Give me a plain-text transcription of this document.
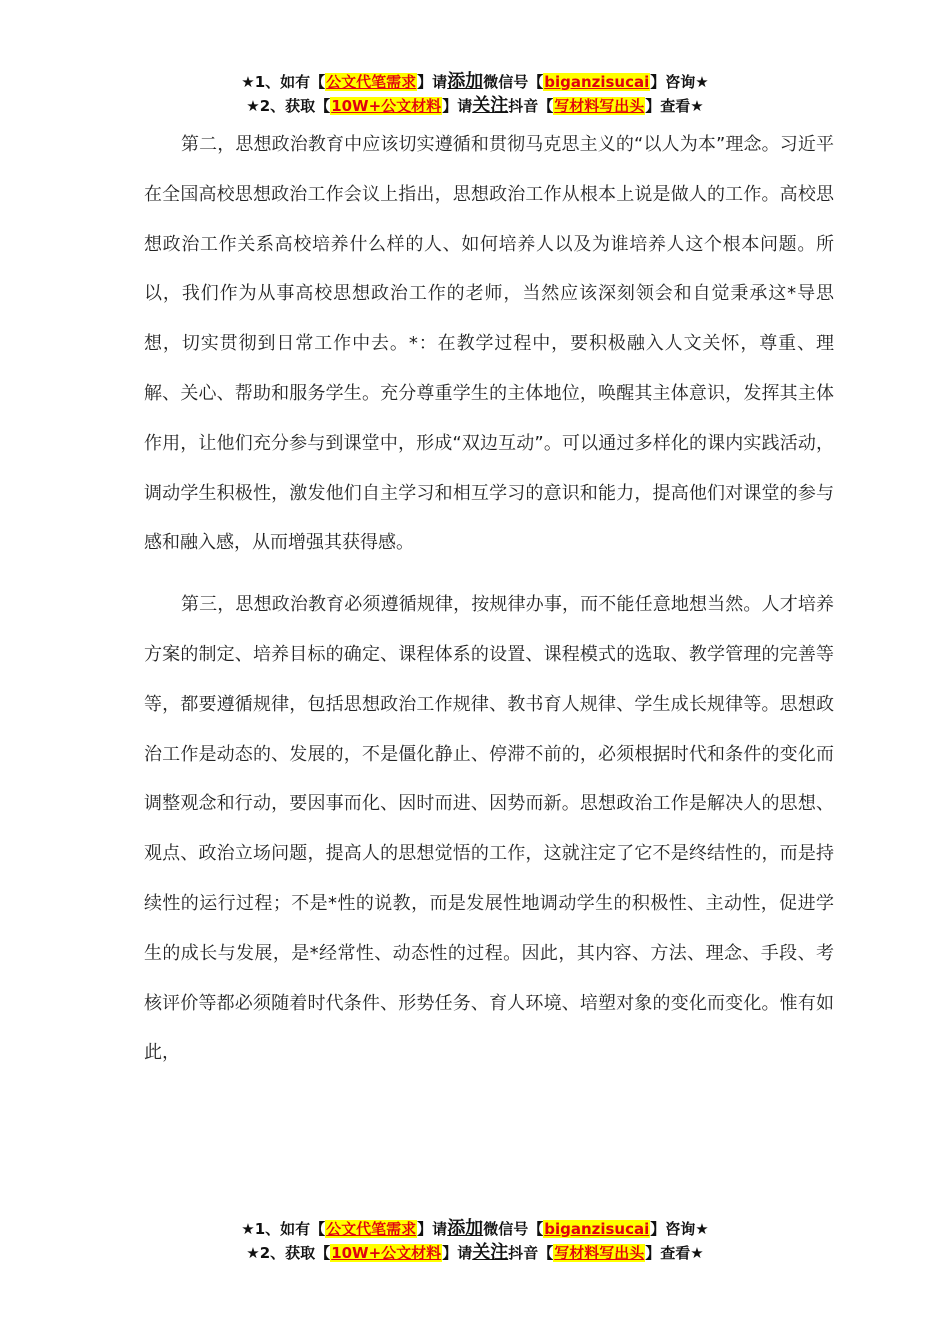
★1、如有【公文代笔需求】请添加微信号【biganzisucai】咨询★
★2、获取【10W+公文材料】请关注抖音【写材料写出头】查看★

第二，思想政治教育中应该切实遵循和贯彻马克思主义的“以人为本”理念。习近平在全国高校思想政治工作会议上指出，思想政治工作从根本上说是做人的工作。高校思想政治工作关系高校培养什么样的人、如何培养人以及为谁培养人这个根本问题。所以，我们作为从事高校思想政治工作的老师，当然应该深刻领会和自觉秉承这*导思想，切实贯彻到日常工作中去。*：在教学过程中，要积极融入人文关怀，尊重、理解、关心、帮助和服务学生。充分尊重学生的主体地位，唤醒其主体意识，发挥其主体作用，让他们充分参与到课堂中，形成“双边互动”。可以通过多样化的课内实践活动，调动学生积极性，激发他们自主学习和相互学习的意识和能力，提高他们对课堂的参与感和融入感，从而增强其获得感。

第三，思想政治教育必须遵循规律，按规律办事，而不能任意地想当然。人才培养方案的制定、培养目标的确定、课程体系的设置、课程模式的选取、教学管理的完善等等，都要遵循规律，包括思想政治工作规律、教书育人规律、学生成长规律等。思想政治工作是动态的、发展的，不是僵化静止、停滞不前的，必须根据时代和条件的变化而调整观念和行动，要因事而化、因时而进、因势而新。思想政治工作是解决人的思想、观点、政治立场问题，提高人的思想觉悟的工作，这就注定了它不是终结性的，而是持续性的运行过程；不是*性的说教，而是发展性地调动学生的积极性、主动性，促进学生的成长与发展，是*经常性、动态性的过程。因此，其内容、方法、理念、手段、考核评价等都必须随着时代条件、形势任务、育人环境、培塑对象的变化而变化。惟有如此，

★1、如有【公文代笔需求】请添加微信号【biganzisucai】咨询★
★2、获取【10W+公文材料】请关注抖音【写材料写出头】查看★
